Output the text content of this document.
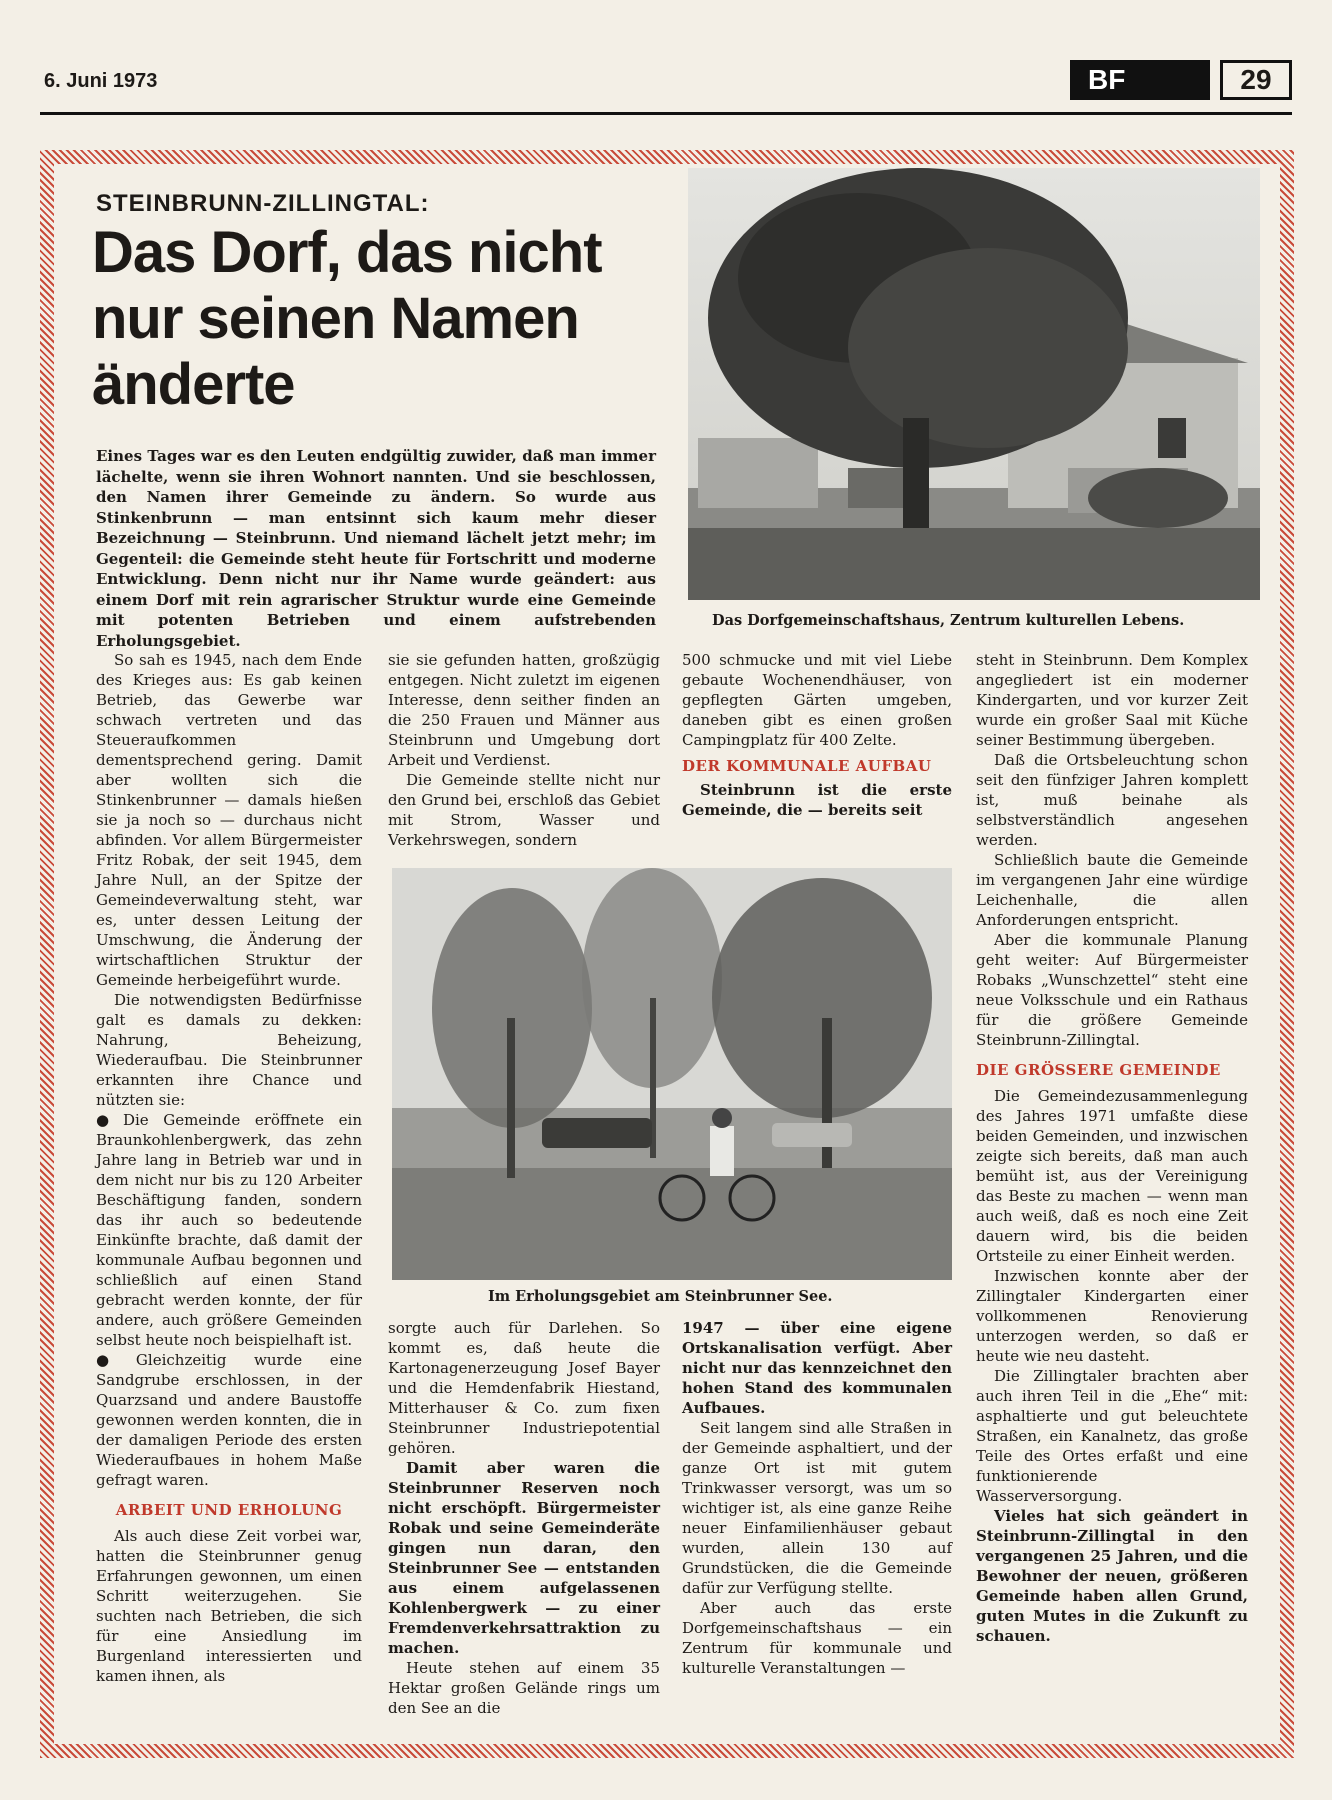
6. Juni 1973	BF	29
STEINBRUNN-ZILLINGTAL:
Das Dorf, das nicht nur seinen Namen änderte
Eines Tages war es den Leuten endgültig zuwider, daß man immer lächelte, wenn sie ihren Wohnort nannten. Und sie beschlossen, den Namen ihrer Gemeinde zu ändern. So wurde aus Stinkenbrunn — man entsinnt sich kaum mehr dieser Bezeichnung — Steinbrunn. Und niemand lächelt jetzt mehr; im Gegenteil: die Gemeinde steht heute für Fortschritt und moderne Entwicklung. Denn nicht nur ihr Name wurde geändert: aus einem Dorf mit rein agrarischer Struktur wurde eine Gemeinde mit potenten Betrieben und einem aufstrebenden Erholungsgebiet.
Das Dorfgemeinschaftshaus, Zentrum kulturellen Lebens.

So sah es 1945, nach dem Ende des Krieges aus: Es gab keinen Betrieb, das Gewerbe war schwach vertreten und das Steueraufkommen dementsprechend gering. Damit aber wollten sich die Stinkenbrunner — damals hießen sie ja noch so — durchaus nicht abfinden. Vor allem Bürgermeister Fritz Robak, der seit 1945, dem Jahre Null, an der Spitze der Gemeindeverwaltung steht, war es, unter dessen Leitung der Umschwung, die Änderung der wirtschaftlichen Struktur der Gemeinde herbeigeführt wurde.

Die notwendigsten Bedürfnisse galt es damals zu dekken: Nahrung, Beheizung, Wiederaufbau. Die Steinbrunner erkannten ihre Chance und nützten sie:

● Die Gemeinde eröffnete ein Braunkohlenbergwerk, das zehn Jahre lang in Betrieb war und in dem nicht nur bis zu 120 Arbeiter Beschäftigung fanden, sondern das ihr auch so bedeutende Einkünfte brachte, daß damit der kommunale Aufbau begonnen und schließlich auf einen Stand gebracht werden konnte, der für andere, auch größere Gemeinden selbst heute noch beispielhaft ist.

● Gleichzeitig wurde eine Sandgrube erschlossen, in der Quarzsand und andere Baustoffe gewonnen werden konnten, die in der damaligen Periode des ersten Wiederaufbaues in hohem Maße gefragt waren.

ARBEIT UND ERHOLUNG

Als auch diese Zeit vorbei war, hatten die Steinbrunner genug Erfahrungen gewonnen, um einen Schritt weiterzugehen. Sie suchten nach Betrieben, die sich für eine Ansiedlung im Burgenland interessierten und kamen ihnen, als

sie sie gefunden hatten, großzügig entgegen. Nicht zuletzt im eigenen Interesse, denn seither finden an die 250 Frauen und Männer aus Steinbrunn und Umgebung dort Arbeit und Verdienst.

Die Gemeinde stellte nicht nur den Grund bei, erschloß das Gebiet mit Strom, Wasser und Verkehrswegen, sondern

500 schmucke und mit viel Liebe gebaute Wochenendhäuser, von gepflegten Gärten umgeben, daneben gibt es einen großen Campingplatz für 400 Zelte.

DER KOMMUNALE AUFBAU

Steinbrunn ist die erste Gemeinde, die — bereits seit

Im Erholungsgebiet am Steinbrunner See.

sorgte auch für Darlehen. So kommt es, daß heute die Kartonagenerzeugung Josef Bayer und die Hemdenfabrik Hiestand, Mitterhauser & Co. zum fixen Steinbrunner Industriepotential gehören.

Damit aber waren die Steinbrunner Reserven noch nicht erschöpft. Bürgermeister Robak und seine Gemeinderäte gingen nun daran, den Steinbrunner See — entstanden aus einem aufgelassenen Kohlenbergwerk — zu einer Fremdenverkehrsattraktion zu machen.

Heute stehen auf einem 35 Hektar großen Gelände rings um den See an die

1947 — über eine eigene Ortskanalisation verfügt. Aber nicht nur das kennzeichnet den hohen Stand des kommunalen Aufbaues.

Seit langem sind alle Straßen in der Gemeinde asphaltiert, und der ganze Ort ist mit gutem Trinkwasser versorgt, was um so wichtiger ist, als eine ganze Reihe neuer Einfamilienhäuser gebaut wurden, allein 130 auf Grundstücken, die die Gemeinde dafür zur Verfügung stellte.

Aber auch das erste Dorfgemeinschaftshaus — ein Zentrum für kommunale und kulturelle Veranstaltungen —

steht in Steinbrunn. Dem Komplex angegliedert ist ein moderner Kindergarten, und vor kurzer Zeit wurde ein großer Saal mit Küche seiner Bestimmung übergeben.

Daß die Ortsbeleuchtung schon seit den fünfziger Jahren komplett ist, muß beinahe als selbstverständlich angesehen werden.

Schließlich baute die Gemeinde im vergangenen Jahr eine würdige Leichenhalle, die allen Anforderungen entspricht.

Aber die kommunale Planung geht weiter: Auf Bürgermeister Robaks „Wunschzettel“ steht eine neue Volksschule und ein Rathaus für die größere Gemeinde Steinbrunn-Zillingtal.

DIE GRÖSSERE GEMEINDE

Die Gemeindezusammenlegung des Jahres 1971 umfaßte diese beiden Gemeinden, und inzwischen zeigte sich bereits, daß man auch bemüht ist, aus der Vereinigung das Beste zu machen — wenn man auch weiß, daß es noch eine Zeit dauern wird, bis die beiden Ortsteile zu einer Einheit werden.

Inzwischen konnte aber der Zillingtaler Kindergarten einer vollkommenen Renovierung unterzogen werden, so daß er heute wie neu dasteht.

Die Zillingtaler brachten aber auch ihren Teil in die „Ehe“ mit: asphaltierte und gut beleuchtete Straßen, ein Kanalnetz, das große Teile des Ortes erfaßt und eine funktionierende Wasserversorgung.

Vieles hat sich geändert in Steinbrunn-Zillingtal in den vergangenen 25 Jahren, und die Bewohner der neuen, größeren Gemeinde haben allen Grund, guten Mutes in die Zukunft zu schauen.
